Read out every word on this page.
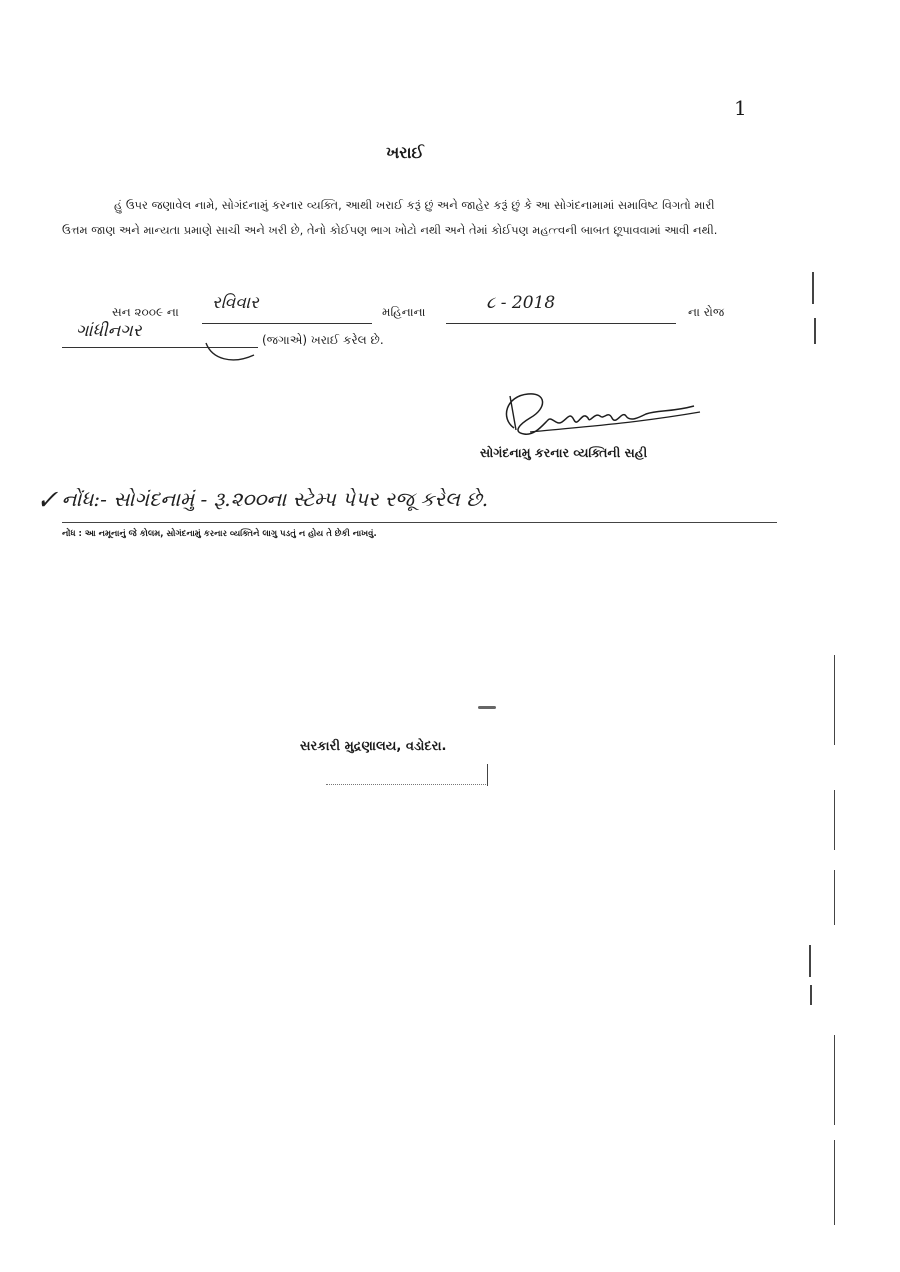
1
ખરાઈ
હું ઉપર જણાવેલ નામે, સોગંદનામું કરનાર વ્યક્તિ, આથી ખરાઈ કરૂં છું અને જાહેર કરૂં છું કે આ સોગંદનામામાં સમાવિષ્ટ વિગતો મારી ઉત્તમ જાણ અને માન્યતા પ્રમાણે સાચી અને ખરી છે, તેનો કોઈપણ ભાગ ખોટો નથી અને તેમાં કોઈપણ મહત્ત્વની બાબત છૂપાવવામાં આવી નથી.
સન ૨૦૦૯ ના રવિવાર	મહિનાના	૮ - 2018	ના રોજ
ગાંધીનગર	(જગાએ) ખરાઈ કરેલ છે.
સોગંદનામુ કરનાર વ્યક્તિની સહી
✓ નોંધ:- સોગંદનામું - રૂ.૨૦૦ના સ્ટેમ્પ પેપર રજૂ કરેલ છે.
નોંધ : આ નમૂનાનું જે કોલમ, સોગંદનામું કરનાર વ્યક્તિને લાગુ પડતું ન હોય તે છેકી નાખવું.
સરકારી મુદ્રણાલય, વડોદરા.
